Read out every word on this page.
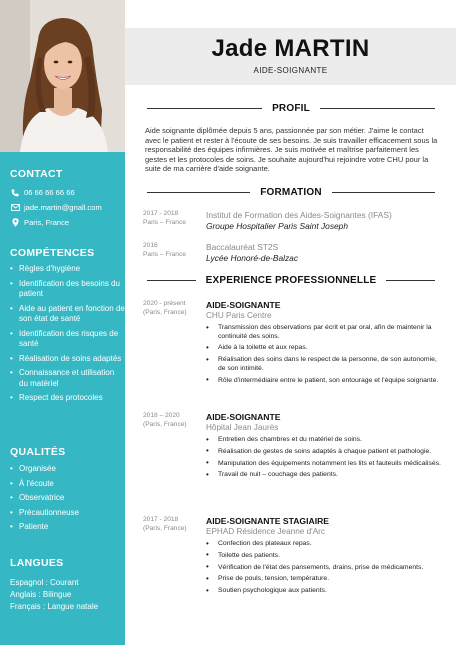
CONTACT
06 66 66 66 66
jade.martin@gnall.com
Paris, France
COMPÉTENCES
• Règles d'hygiène
• Identification des besoins du patient
• Aide au patient en fonction de son état de santé
• Identification des risques de santé
• Réalisation de soins adaptés
• Connaissance et utilisation du matériel
• Respect des protocoles
QUALITÉS
• Organisée
• À l'écoute
• Observatrice
• Précautionneuse
• Patiente
LANGUES
Espagnol : Courant
Anglais : Bilingue
Français : Langue natale
Jade MARTIN
AIDE-SOIGNANTE
PROFIL
Aide soignante diplômée depuis 5 ans, passionnée par son métier. J'aime le contact avec le patient et rester à l'écoute de ses besoins. Je suis travailler efficacement sous la responsabilité des équipes infirmières. Je suis motivée et maîtrise parfaitement les gestes et les protocoles de soins. Je souhaite aujourd'hui rejoindre votre CHU pour la suite de ma carrière d'aide soignante.
FORMATION
2017 - 2018
Paris – France
Institut de Formation des Aides-Soignantes (IFAS)
Groupe Hospitalier Paris Saint Joseph
2016
Paris – France
Baccalauréat ST2S
Lycée Honoré-de-Balzac
EXPERIENCE PROFESSIONNELLE
2020 - présent
(Paris, France)
AIDE-SOIGNANTE
CHU Paris Centre
• Transmission des observations par écrit et par oral, afin de maintenir la continuité des soins.
• Aide à la toilette et aux repas.
• Réalisation des soins dans le respect de la personne, de son autonomie, de son intimité.
• Rôle d'intermédiaire entre le patient, son entourage et l'équipe soignante.
2018 – 2020
(Paris, France)
AIDE-SOIGNANTE
Hôpital Jean Jaurès
• Entretien des chambres et du matériel de soins.
• Réalisation de gestes de soins adaptés à chaque patient et pathologie.
• Manipulation des équipements notamment les lits et fauteuils médicalisés.
• Travail de nuit – couchage des patients.
2017 - 2018
(Paris, France)
AIDE-SOIGNANTE STAGIAIRE
EPHAD Résidence Jeanne d'Arc
• Confection des plateaux repas.
• Toilette des patients.
• Vérification de l'état des pansements, drains, prise de médicaments.
• Prise de pouls, tension, température.
• Soutien psychologique aux patients.
